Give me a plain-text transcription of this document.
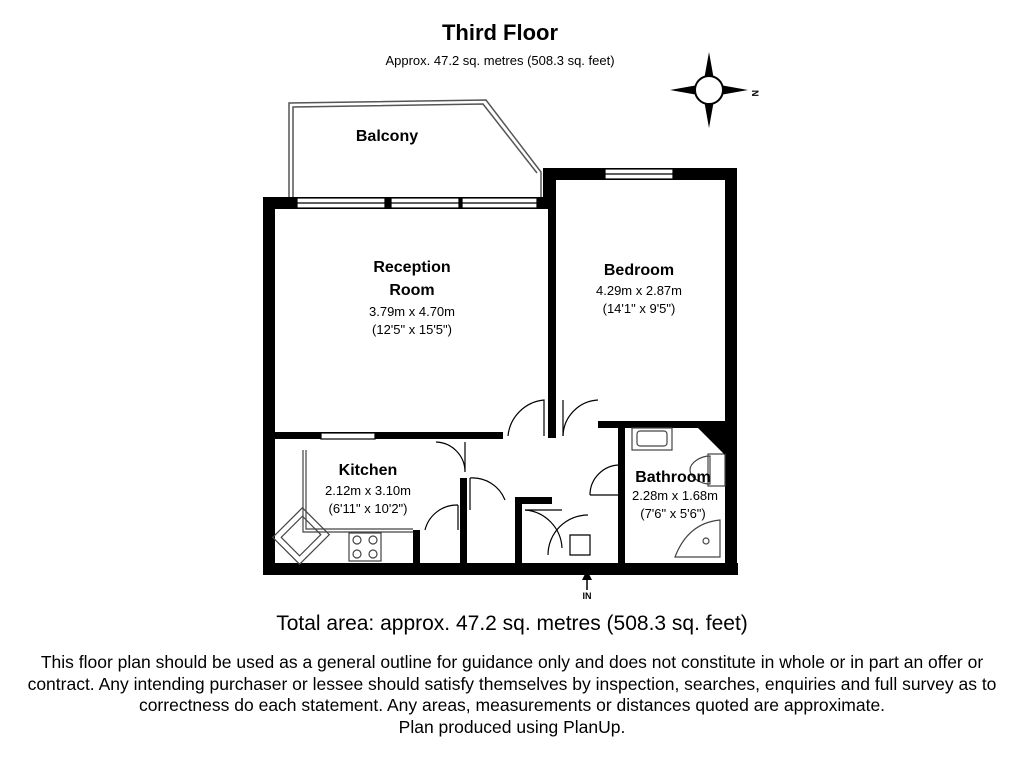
Third Floor
Approx. 47.2 sq. metres (508.3 sq. feet)
N
Balcony
IN
Reception
Room
3.79m x 4.70m
(12'5" x 15'5")
Bedroom
4.29m x 2.87m
(14'1" x 9'5")
Kitchen
2.12m x 3.10m
(6'11" x 10'2")
Bathroom
2.28m x 1.68m
(7'6" x 5'6")
Total area: approx. 47.2 sq. metres (508.3 sq. feet)
This floor plan should be used as a general outline for guidance only and does not constitute in whole or in part an offer or contract. Any intending purchaser or lessee should satisfy themselves by inspection, searches, enquiries and full survey as to correctness do each statement. Any areas, measurements or distances quoted are approximate.
Plan produced using PlanUp.
